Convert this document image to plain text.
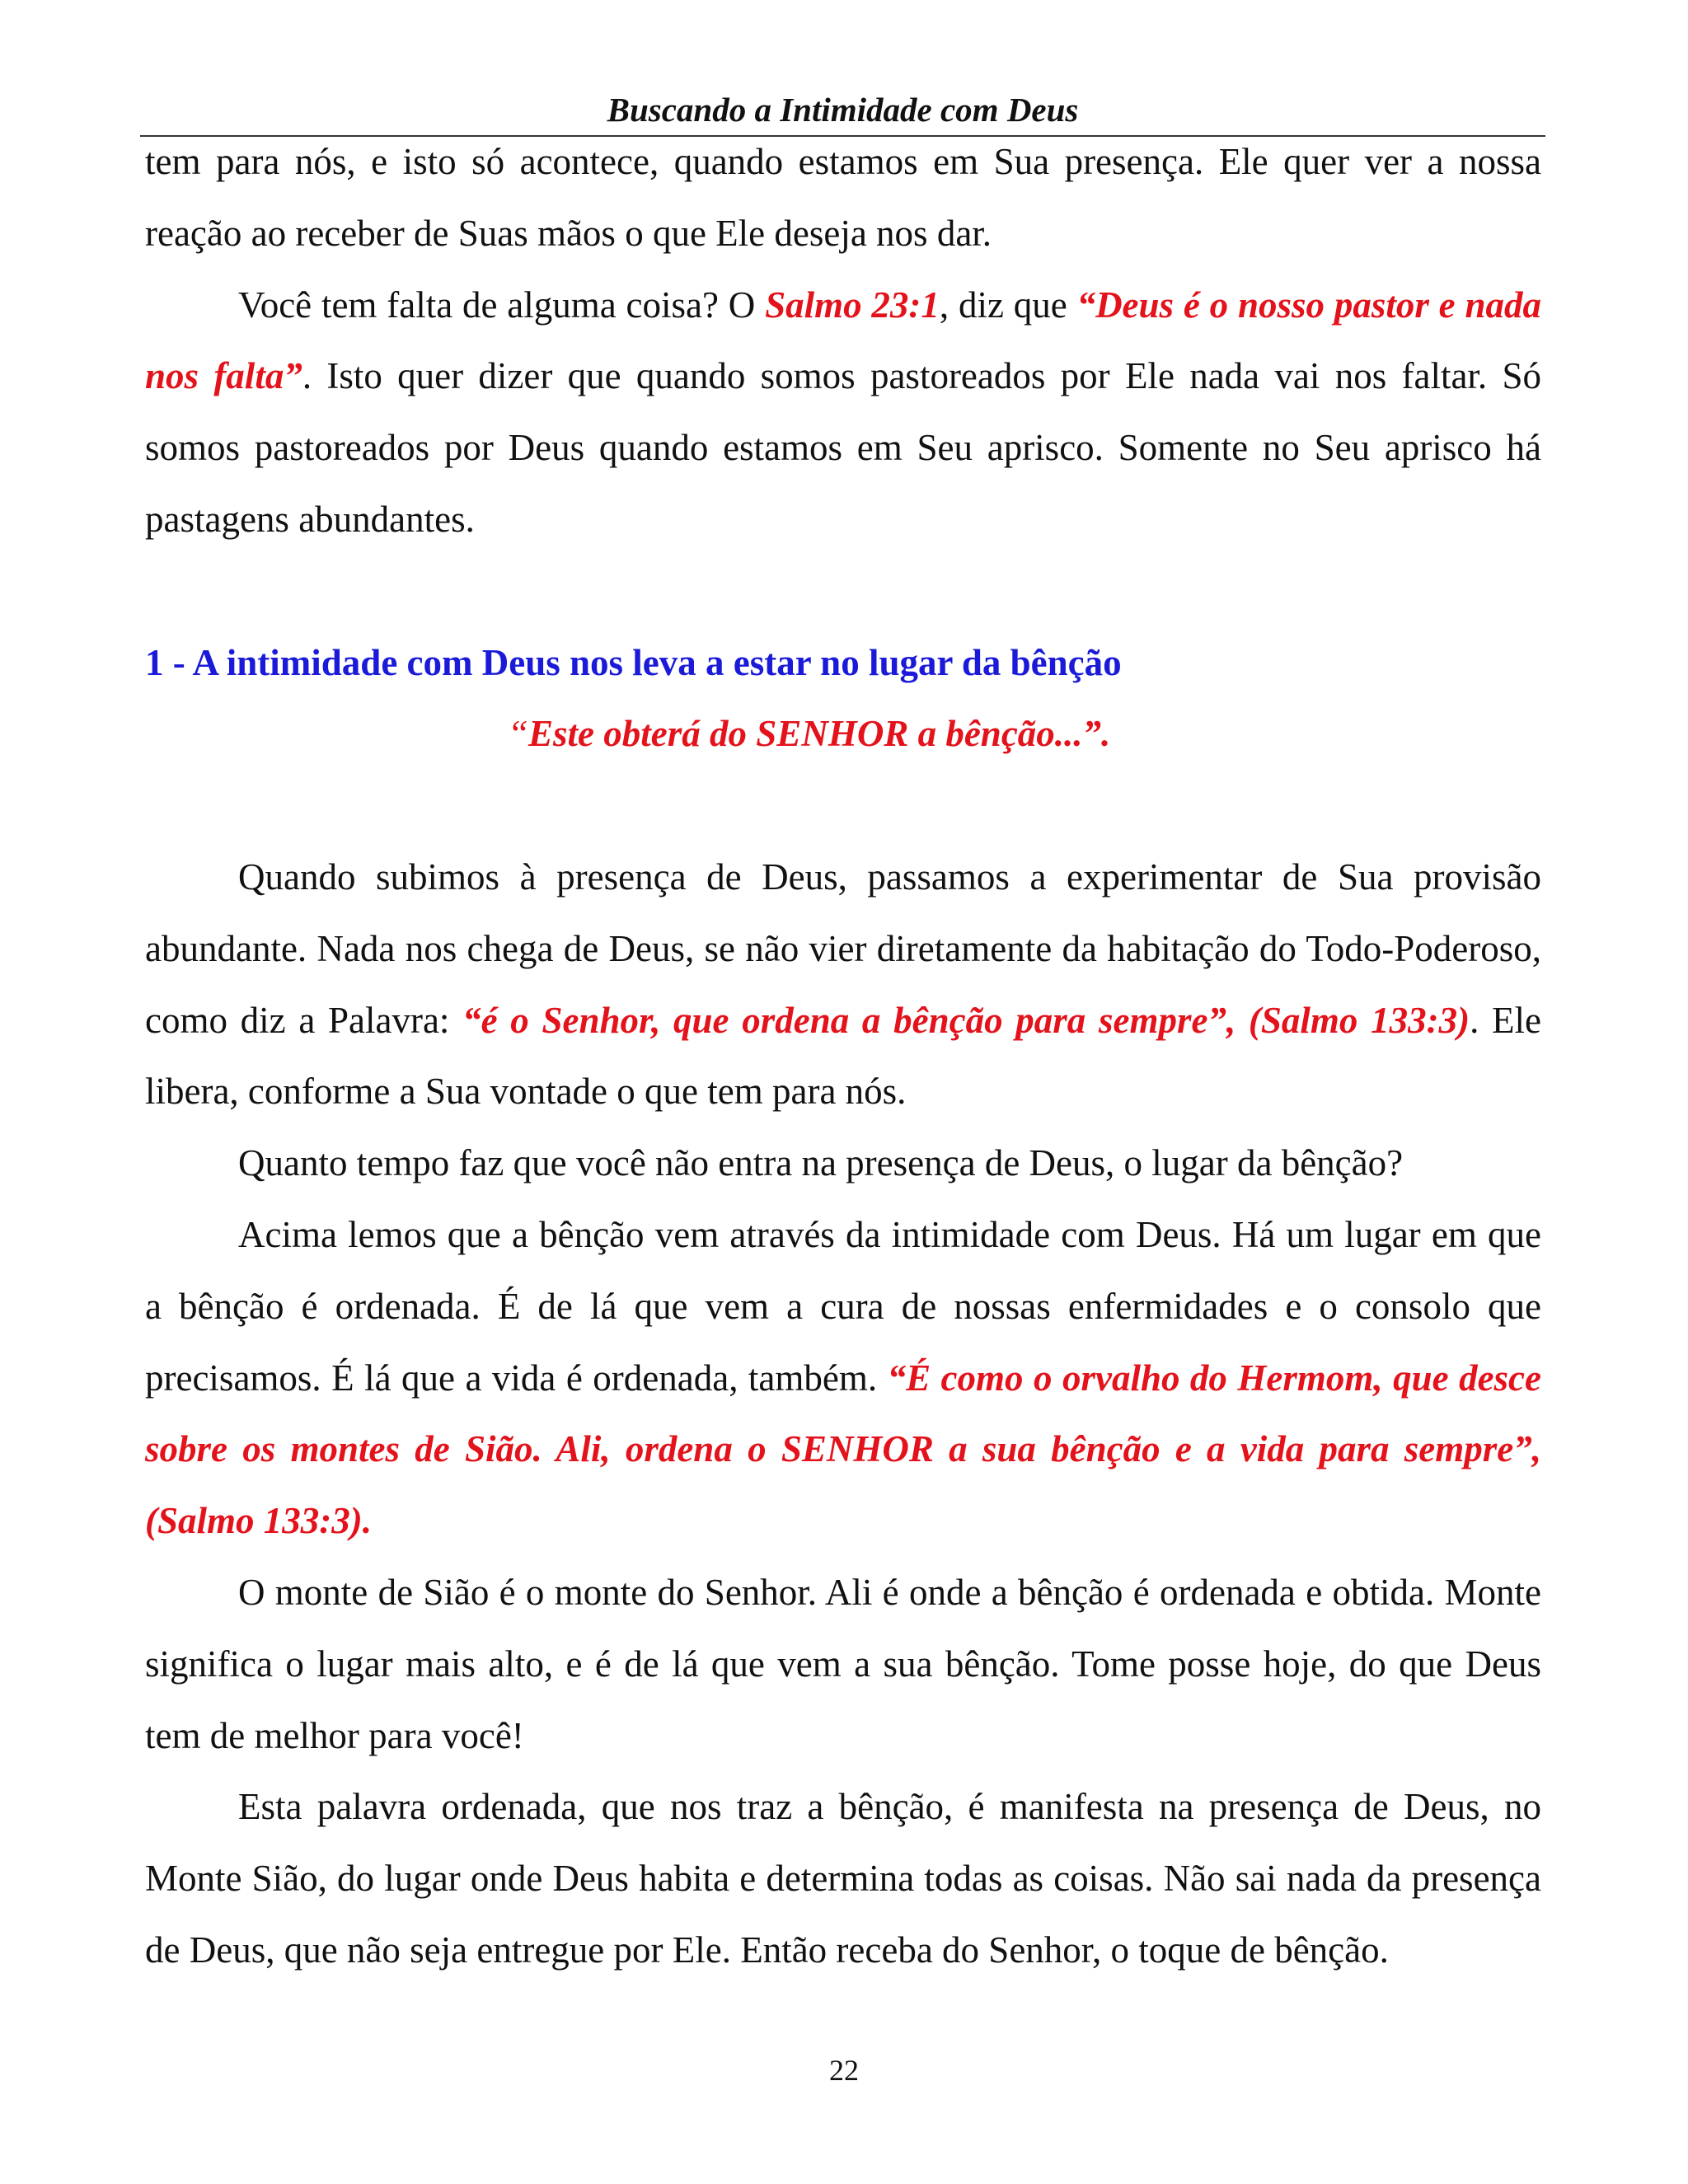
Buscando a Intimidade com Deus

tem para nós, e isto só acontece, quando estamos em Sua presença. Ele quer ver a nossa reação ao receber de Suas mãos o que Ele deseja nos dar.

Você tem falta de alguma coisa? O Salmo 23:1, diz que “Deus é o nosso pastor e nada nos falta”. Isto quer dizer que quando somos pastoreados por Ele nada vai nos faltar. Só somos pastoreados por Deus quando estamos em Seu aprisco. Somente no Seu aprisco há pastagens abundantes.

1 - A intimidade com Deus nos leva a estar no lugar da bênção

“Este obterá do SENHOR a bênção...”.

Quando subimos à presença de Deus, passamos a experimentar de Sua provisão abundante. Nada nos chega de Deus, se não vier diretamente da habitação do Todo-Poderoso, como diz a Palavra: “é o Senhor, que ordena a bênção para sempre”, (Salmo 133:3). Ele libera, conforme a Sua vontade o que tem para nós.

Quanto tempo faz que você não entra na presença de Deus, o lugar da bênção?

Acima lemos que a bênção vem através da intimidade com Deus. Há um lugar em que a bênção é ordenada. É de lá que vem a cura de nossas enfermidades e o consolo que precisamos. É lá que a vida é ordenada, também. “É como o orvalho do Hermom, que desce sobre os montes de Sião. Ali, ordena o SENHOR a sua bênção e a vida para sempre”, (Salmo 133:3).

O monte de Sião é o monte do Senhor. Ali é onde a bênção é ordenada e obtida. Monte significa o lugar mais alto, e é de lá que vem a sua bênção. Tome posse hoje, do que Deus tem de melhor para você!

Esta palavra ordenada, que nos traz a bênção, é manifesta na presença de Deus, no Monte Sião, do lugar onde Deus habita e determina todas as coisas. Não sai nada da presença de Deus, que não seja entregue por Ele. Então receba do Senhor, o toque de bênção.

22
